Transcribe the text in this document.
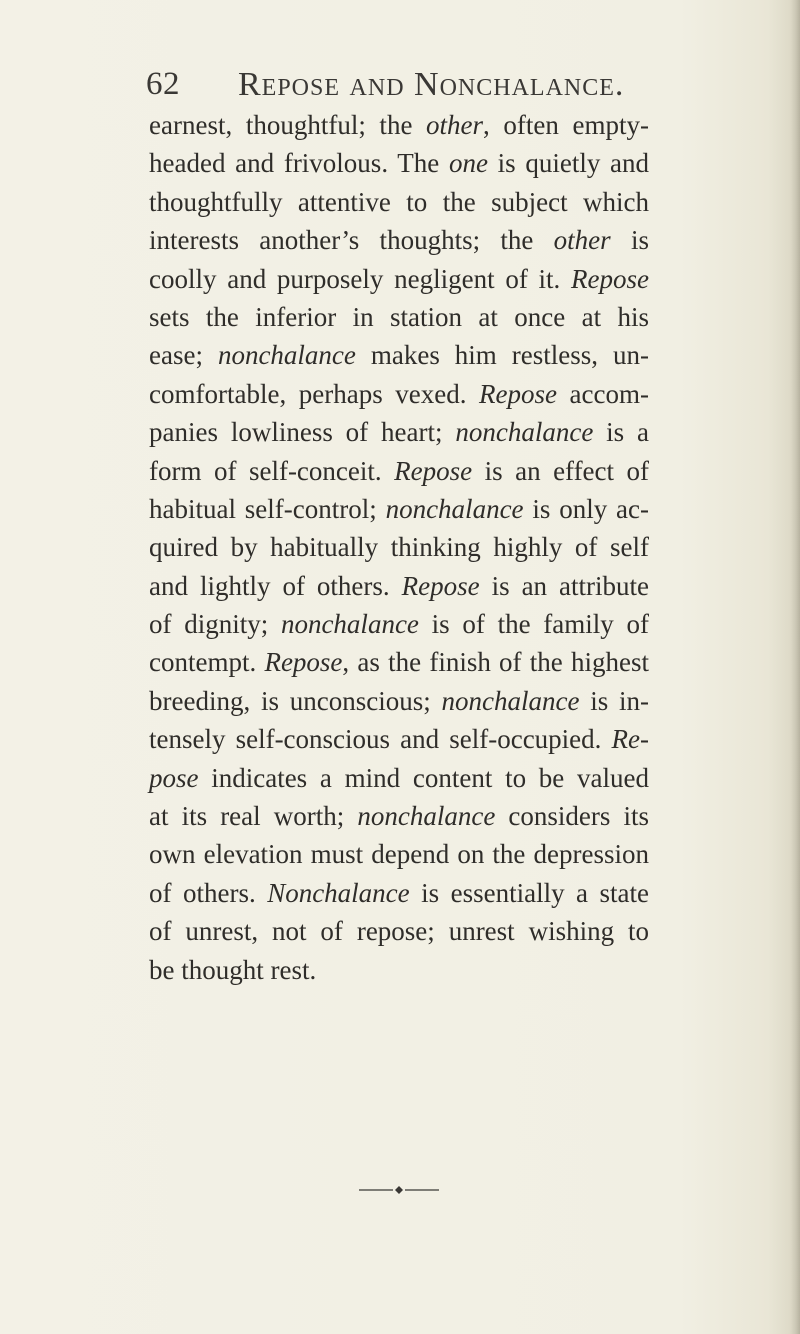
62 Repose and Nonchalance.
earnest, thoughtful; the other, often empty-
headed and frivolous. The one is quietly and
thoughtfully attentive to the subject which
interests another’s thoughts; the other is
coolly and purposely negligent of it. Repose
sets the inferior in station at once at his
ease; nonchalance makes him restless, un-
comfortable, perhaps vexed. Repose accom-
panies lowliness of heart; nonchalance is a
form of self-conceit. Repose is an effect of
habitual self-control; nonchalance is only ac-
quired by habitually thinking highly of self
and lightly of others. Repose is an attribute
of dignity; nonchalance is of the family of
contempt. Repose, as the finish of the highest
breeding, is unconscious; nonchalance is in-
tensely self-conscious and self-occupied. Re-
pose indicates a mind content to be valued
at its real worth; nonchalance considers its
own elevation must depend on the depression
of others. Nonchalance is essentially a state
of unrest, not of repose; unrest wishing to
be thought rest.
